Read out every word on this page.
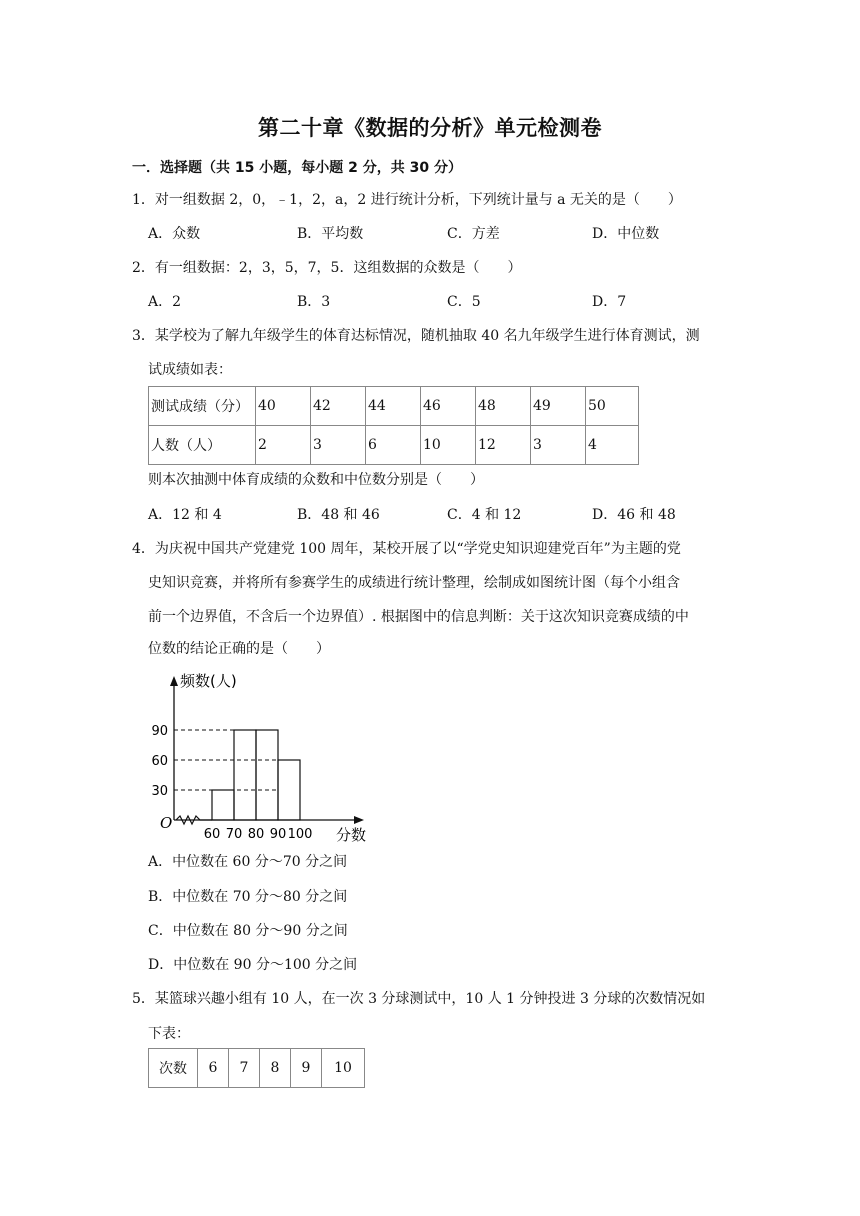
第二十章《数据的分析》单元检测卷
一．选择题（共 15 小题，每小题 2 分，共 30 分）
1．对一组数据 2，0，﹣1，2，a，2 进行统计分析，下列统计量与 a 无关的是（　　）
A．众数	B．平均数	C．方差	D．中位数
2．有一组数据：2，3，5，7，5．这组数据的众数是（　　）
A．2	B．3	C．5	D．7
3．某学校为了解九年级学生的体育达标情况，随机抽取 40 名九年级学生进行体育测试，测
试成绩如表：
测试成绩（分）	40	42	44	46	48	49	50
人数（人）	2	3	6	10	12	3	4
则本次抽测中体育成绩的众数和中位数分别是（　　）
A．12 和 4	B．48 和 46	C．4 和 12	D．46 和 48
4．为庆祝中国共产党建党 100 周年，某校开展了以“学党史知识迎建党百年”为主题的党
史知识竞赛，并将所有参赛学生的成绩进行统计整理，绘制成如图统计图（每个小组含
前一个边界值，不含后一个边界值）. 根据图中的信息判断：关于这次知识竞赛成绩的中
位数的结论正确的是（　　）
30
60
90
60 70 80 90 100
O
频数(人)
分数
A．中位数在 60 分～70 分之间
B．中位数在 70 分～80 分之间
C．中位数在 80 分～90 分之间
D．中位数在 90 分～100 分之间
5．某篮球兴趣小组有 10 人，在一次 3 分球测试中，10 人 1 分钟投进 3 分球的次数情况如
下表：
次数	6	7	8	9	10
